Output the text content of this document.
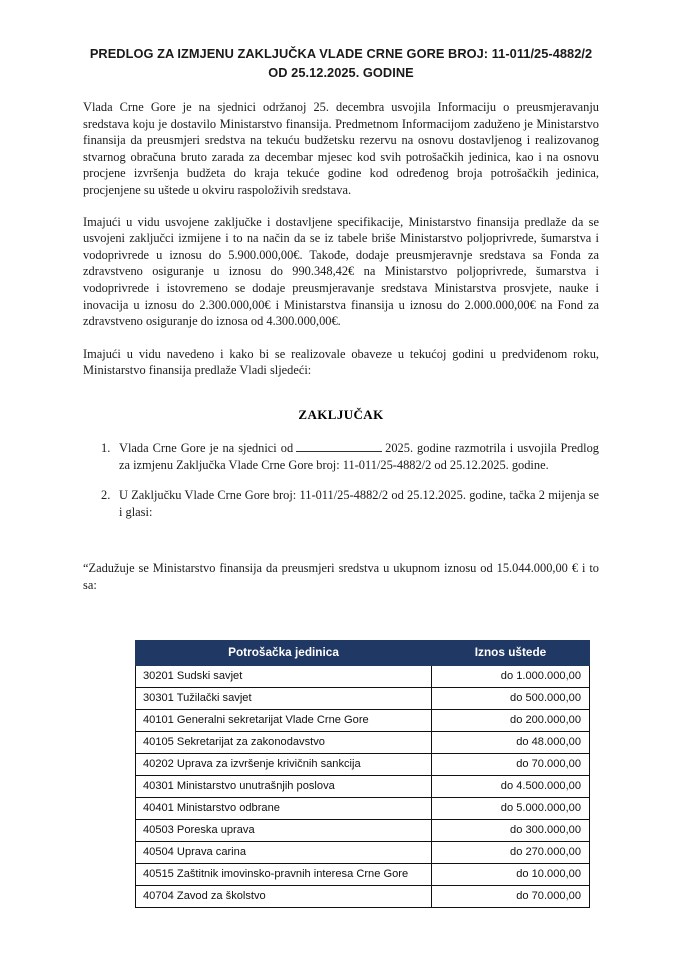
PREDLOG ZA IZMJENU ZAKLJUČKA VLADE CRNE GORE BROJ: 11-011/25-4882/2 OD 25.12.2025. GODINE

Vlada Crne Gore je na sjednici održanoj 25. decembra usvojila Informaciju o preusmjeravanju sredstava koju je dostavilo Ministarstvo finansija. Predmetnom Informacijom zaduženo je Ministarstvo finansija da preusmjeri sredstva na tekuću budžetsku rezervu na osnovu dostavljenog i realizovanog stvarnog obračuna bruto zarada za decembar mjesec kod svih potrošačkih jedinica, kao i na osnovu procjene izvršenja budžeta do kraja tekuće godine kod određenog broja potrošačkih jedinica, procjenjene su uštede u okviru raspoloživih sredstava.

Imajući u vidu usvojene zaključke i dostavljene specifikacije, Ministarstvo finansija predlaže da se usvojeni zaključci izmijene i to na način da se iz tabele briše Ministarstvo poljoprivrede, šumarstva i vodoprivrede u iznosu do 5.900.000,00€. Takođe, dodaje preusmjeravnje sredstava sa Fonda za zdravstveno osiguranje u iznosu do 990.348,42€ na Ministarstvo poljoprivrede, šumarstva i vodoprivrede i istovremeno se dodaje preusmjeravanje sredstava Ministarstva prosvjete, nauke i inovacija u iznosu do 2.300.000,00€ i Ministarstva finansija u iznosu do 2.000.000,00€ na Fond za zdravstveno osiguranje do iznosa od 4.300.000,00€.

Imajući u vidu navedeno i kako bi se realizovale obaveze u tekućoj godini u predviđenom roku, Ministarstvo finansija predlaže Vladi sljedeći:

ZAKLJUČAK
1. Vlada Crne Gore je na sjednici od	2025. godine razmotrila i usvojila Predlog za izmjenu Zaključka Vlade Crne Gore broj: 11-011/25-4882/2 od 25.12.2025. godine.
2. U Zaključku Vlade Crne Gore broj: 11-011/25-4882/2 od 25.12.2025. godine, tačka 2 mijenja se i glasi:

“Zadužuje se Ministarstvo finansija da preusmjeri sredstva u ukupnom iznosu od 15.044.000,00 € i to sa:

Potrošačka jedinica	Iznos uštede
30201 Sudski savjet	do 1.000.000,00
30301 Tužilački savjet	do 500.000,00
40101 Generalni sekretarijat Vlade Crne Gore	do 200.000,00
40105 Sekretarijat za zakonodavstvo	do 48.000,00
40202 Uprava za izvršenje krivičnih sankcija	do 70.000,00
40301 Ministarstvo unutrašnjih poslova	do 4.500.000,00
40401 Ministarstvo odbrane	do 5.000.000,00
40503 Poreska uprava	do 300.000,00
40504 Uprava carina	do 270.000,00
40515 Zaštitnik imovinsko-pravnih interesa Crne Gore	do 10.000,00
40704 Zavod za školstvo	do 70.000,00
